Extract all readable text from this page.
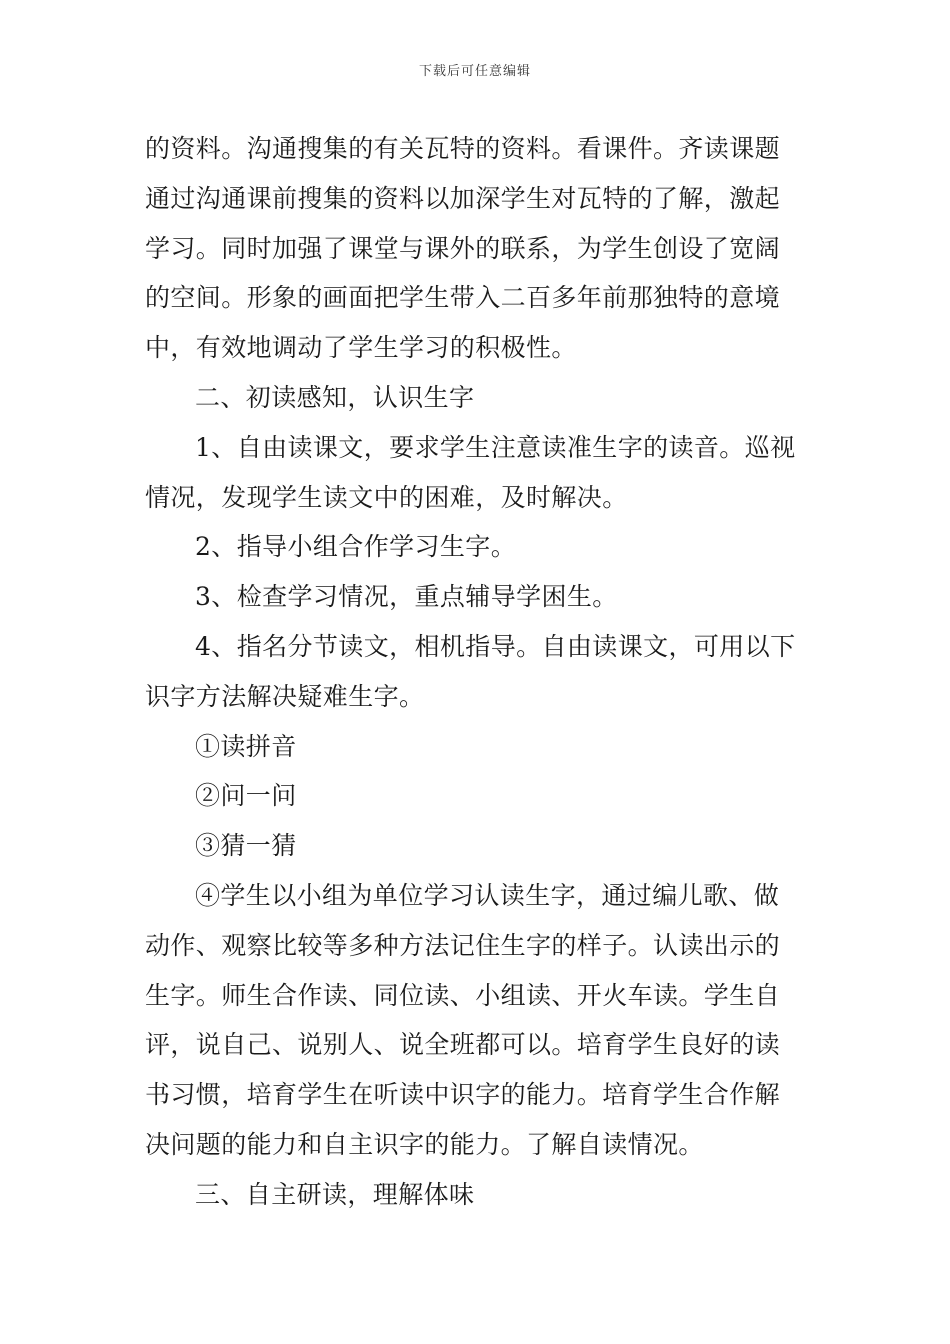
下载后可任意编辑

的资料。沟通搜集的有关瓦特的资料。看课件。齐读课题
通过沟通课前搜集的资料以加深学生对瓦特的了解，激起
学习。同时加强了课堂与课外的联系，为学生创设了宽阔
的空间。形象的画面把学生带入二百多年前那独特的意境
中，有效地调动了学生学习的积极性。

二、初读感知，认识生字

1、自由读课文，要求学生注意读准生字的读音。巡视
情况，发现学生读文中的困难，及时解决。

2、指导小组合作学习生字。

3、检查学习情况，重点辅导学困生。

4、指名分节读文，相机指导。自由读课文，可用以下
识字方法解决疑难生字。

①读拼音

②问一问

③猜一猜

④学生以小组为单位学习认读生字，通过编儿歌、做
动作、观察比较等多种方法记住生字的样子。认读出示的
生字。师生合作读、同位读、小组读、开火车读。学生自
评，说自己、说别人、说全班都可以。培育学生良好的读
书习惯，培育学生在听读中识字的能力。培育学生合作解
决问题的能力和自主识字的能力。了解自读情况。

三、自主研读，理解体味
